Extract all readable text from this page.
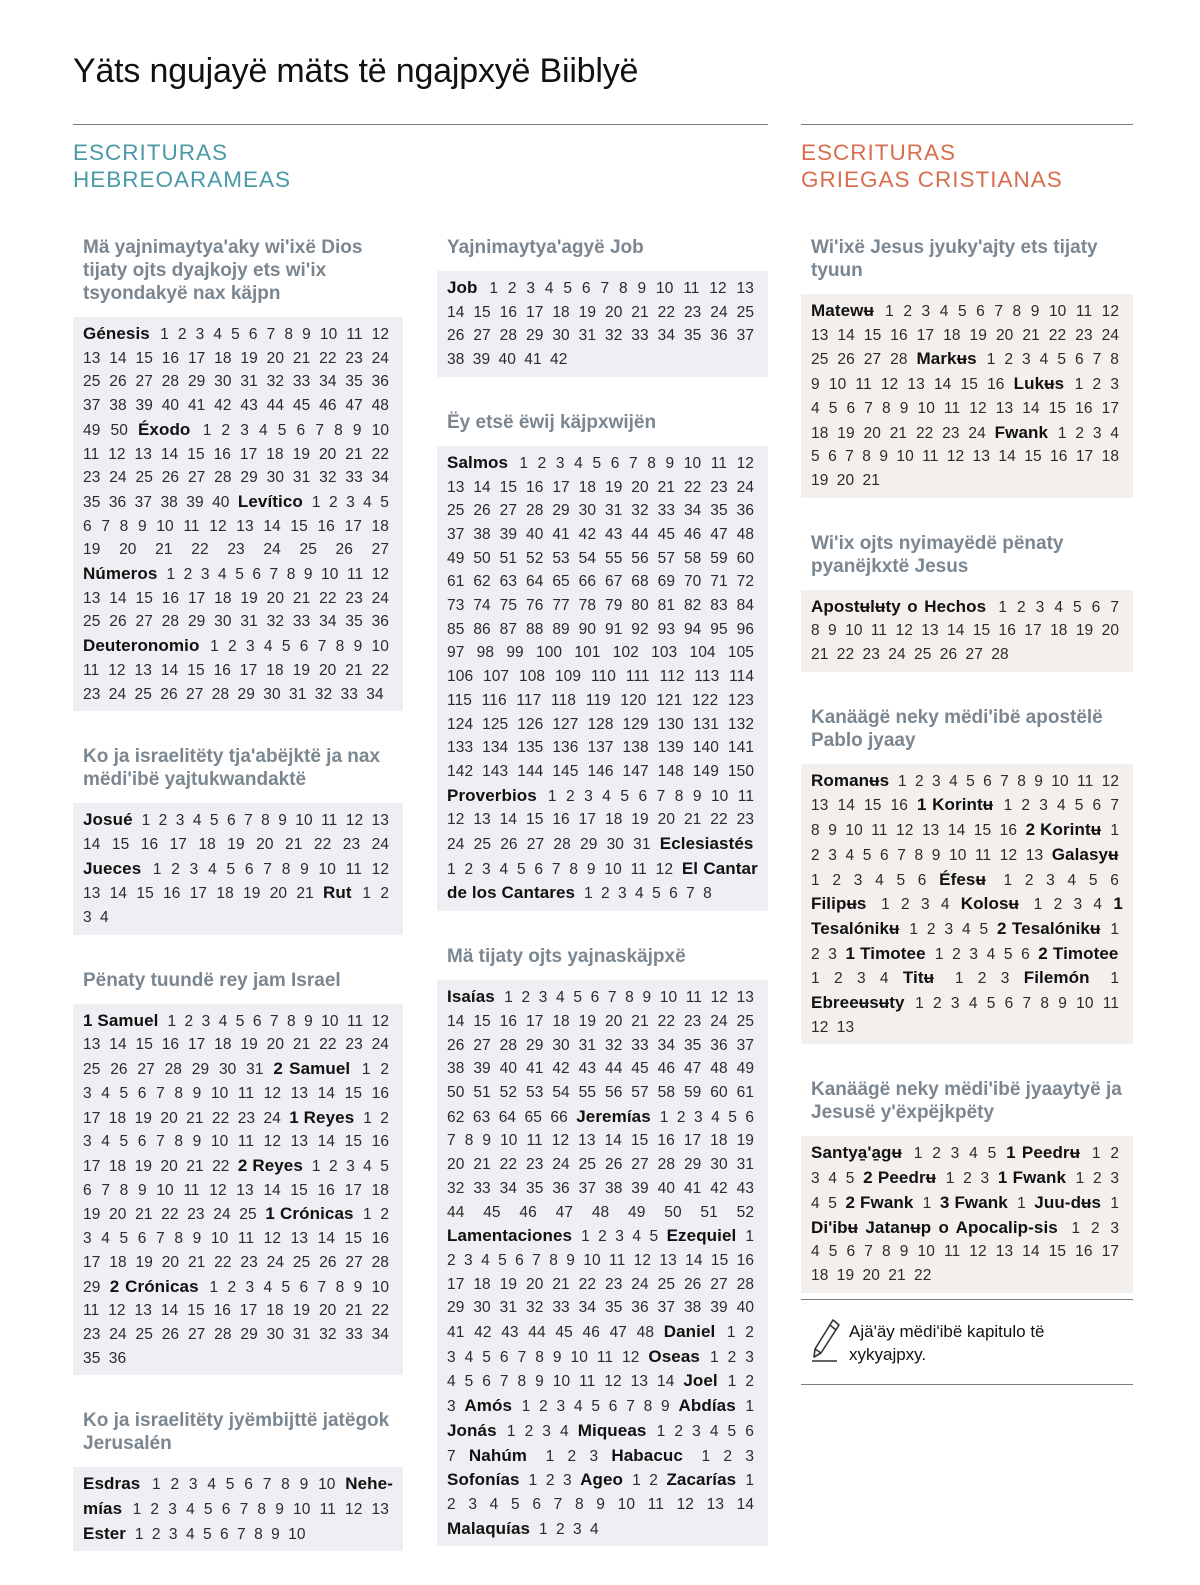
Yäts ngujayë mäts të ngajpxyë Biiblyë
ESCRITURAS
HEBREOARAMEAS
ESCRITURAS
GRIEGAS CRISTIANAS
Mä yajnimaytya'aky wi'ixë Dios tijaty ojts dyajkojy ets wi'ix tsyondakyë nax käjpn
Génesis 1 2 3 4 5 6 7 8 9 10 11 12 13 14 15 16 17 18 19 20 21 22 23 24 25 26 27 28 29 30 31 32 33 34 35 36 37 38 39 40 41 42 43 44 45 46 47 48 49 50 Éxodo 1 2 3 4 5 6 7 8 9 10 11 12 13 14 15 16 17 18 19 20 21 22 23 24 25 26 27 28 29 30 31 32 33 34 35 36 37 38 39 40 Levítico 1 2 3 4 5 6 7 8 9 10 11 12 13 14 15 16 17 18 19 20 21 22 23 24 25 26 27 Números 1 2 3 4 5 6 7 8 9 10 11 12 13 14 15 16 17 18 19 20 21 22 23 24 25 26 27 28 29 30 31 32 33 34 35 36 Deuteronomio 1 2 3 4 5 6 7 8 9 10 11 12 13 14 15 16 17 18 19 20 21 22 23 24 25 26 27 28 29 30 31 32 33 34
Ko ja israelitëty tja'abëjktë ja nax mëdi'ibë yajtukwandaktë
Josué 1 2 3 4 5 6 7 8 9 10 11 12 13 14 15 16 17 18 19 20 21 22 23 24 Jueces 1 2 3 4 5 6 7 8 9 10 11 12 13 14 15 16 17 18 19 20 21 Rut 1 2 3 4
Pënaty tuundë rey jam Israel
1 Samuel 1 2 3 4 5 6 7 8 9 10 11 12 13 14 15 16 17 18 19 20 21 22 23 24 25 26 27 28 29 30 31 2 Samuel 1 2 3 4 5 6 7 8 9 10 11 12 13 14 15 16 17 18 19 20 21 22 23 24 1 Reyes 1 2 3 4 5 6 7 8 9 10 11 12 13 14 15 16 17 18 19 20 21 22 2 Reyes 1 2 3 4 5 6 7 8 9 10 11 12 13 14 15 16 17 18 19 20 21 22 23 24 25 1 Crónicas 1 2 3 4 5 6 7 8 9 10 11 12 13 14 15 16 17 18 19 20 21 22 23 24 25 26 27 28 29 2 Crónicas 1 2 3 4 5 6 7 8 9 10 11 12 13 14 15 16 17 18 19 20 21 22 23 24 25 26 27 28 29 30 31 32 33 34 35 36
Ko ja israelitëty jyëmbijttë jatëgok Jerusalén
Esdras 1 2 3 4 5 6 7 8 9 10 Nehe-mías 1 2 3 4 5 6 7 8 9 10 11 12 13 Ester 1 2 3 4 5 6 7 8 9 10
Yajnimaytya'agyë Job
Job 1 2 3 4 5 6 7 8 9 10 11 12 13 14 15 16 17 18 19 20 21 22 23 24 25 26 27 28 29 30 31 32 33 34 35 36 37 38 39 40 41 42
Ëy etsë ëwij käjpxwijën
Salmos 1 2 3 4 5 6 7 8 9 10 11 12 13 14 15 16 17 18 19 20 21 22 23 24 25 26 27 28 29 30 31 32 33 34 35 36 37 38 39 40 41 42 43 44 45 46 47 48 49 50 51 52 53 54 55 56 57 58 59 60 61 62 63 64 65 66 67 68 69 70 71 72 73 74 75 76 77 78 79 80 81 82 83 84 85 86 87 88 89 90 91 92 93 94 95 96 97 98 99 100 101 102 103 104 105 106 107 108 109 110 111 112 113 114 115 116 117 118 119 120 121 122 123 124 125 126 127 128 129 130 131 132 133 134 135 136 137 138 139 140 141 142 143 144 145 146 147 148 149 150 Proverbios 1 2 3 4 5 6 7 8 9 10 11 12 13 14 15 16 17 18 19 20 21 22 23 24 25 26 27 28 29 30 31 Eclesiastés  1 2 3 4 5 6 7 8 9 10 11 12 El Cantar de los Cantares 1 2 3 4 5 6 7 8
Mä tijaty ojts yajnaskäjpxë
Isaías 1 2 3 4 5 6 7 8 9 10 11 12 13 14 15 16 17 18 19 20 21 22 23 24 25 26 27 28 29 30 31 32 33 34 35 36 37 38 39 40 41 42 43 44 45 46 47 48 49 50 51 52 53 54 55 56 57 58 59 60 61 62 63 64 65 66 Jeremías 1 2 3 4 5 6 7 8 9 10 11 12 13 14 15 16 17 18 19 20 21 22 23 24 25 26 27 28 29 30 31 32 33 34 35 36 37 38 39 40 41 42 43 44 45 46 47 48 49 50 51 52 Lamentaciones 1 2 3 4 5 Ezequiel 1 2 3 4 5 6 7 8 9 10 11 12 13 14 15 16 17 18 19 20 21 22 23 24 25 26 27 28 29 30 31 32 33 34 35 36 37 38 39 40 41 42 43 44 45 46 47 48 Daniel 1 2 3 4 5 6 7 8 9 10 11 12 Oseas 1 2 3 4 5 6 7 8 9 10 11 12 13 14 Joel 1 2 3 Amós 1 2 3 4 5 6 7 8 9 Abdías 1 Jonás 1 2 3 4 Miqueas 1 2 3 4 5 6 7 Nahúm 1 2 3 Habacuc 1 2 3 Sofonías 1 2 3 Ageo 1 2 Zacarías 1 2 3 4 5 6 7 8 9 10 11 12 13 14 Malaquías 1 2 3 4
Wi'ixë Jesus jyuky'ajty ets tijaty tyuun
Matewʉ 1 2 3 4 5 6 7 8 9 10 11 12 13 14 15 16 17 18 19 20 21 22 23 24 25 26 27 28 Markʉs 1 2 3 4 5 6 7 8 9 10 11 12 13 14 15 16 Lukʉs 1 2 3 4 5 6 7 8 9 10 11 12 13 14 15 16 17 18 19 20 21 22 23 24 Fwank 1 2 3 4 5 6 7 8 9 10 11 12 13 14 15 16 17 18 19 20 21
Wi'ix ojts nyimayëdë pënaty pyanëjkxtë Jesus
Apostʉlʉty o Hechos 1 2 3 4 5 6 7 8 9 10 11 12 13 14 15 16 17 18 19 20 21 22 23 24 25 26 27 28
Kanäägë neky mëdi'ibë apostëlë Pablo jyaay
Romanʉs 1 2 3 4 5 6 7 8 9 10 11 12 13 14 15 16 1 Korintʉ 1 2 3 4 5 6 7 8 9 10 11 12 13 14 15 16 2 Korintʉ 1 2 3 4 5 6 7 8 9 10 11 12 13 Galasyʉ  1 2 3 4 5 6 Éfesʉ 1 2 3 4 5 6 Filipʉs 1 2 3 4 Kolosʉ 1 2 3 4 1 Tesalónikʉ 1 2 3 4 5 2 Tesalónikʉ 1 2 3 1 Timotee 1 2 3 4 5 6 2 Timotee  1 2 3 4 Titʉ 1 2 3 Filemón 1 Ebreeʉsʉty 1 2 3 4 5 6 7 8 9 10 11 12 13
Kanäägë neky mëdi'ibë jyaaytyë ja Jesusë y'ëxpëjkpëty
Santya̱'a̱gʉ 1 2 3 4 5 1 Peedrʉ 1 2 3 4 5 2 Peedrʉ 1 2 3 1 Fwank 1 2 3 4 5 2 Fwank 1 3 Fwank 1 Juu-dʉs 1 Di'ibʉ Jatanʉp o Apocalip-sis 1 2 3 4 5 6 7 8 9 10 11 12 13 14 15 16 17 18 19 20 21 22
Ajä'äy mëdi'ibë kapitulo të xykyajpxy.
